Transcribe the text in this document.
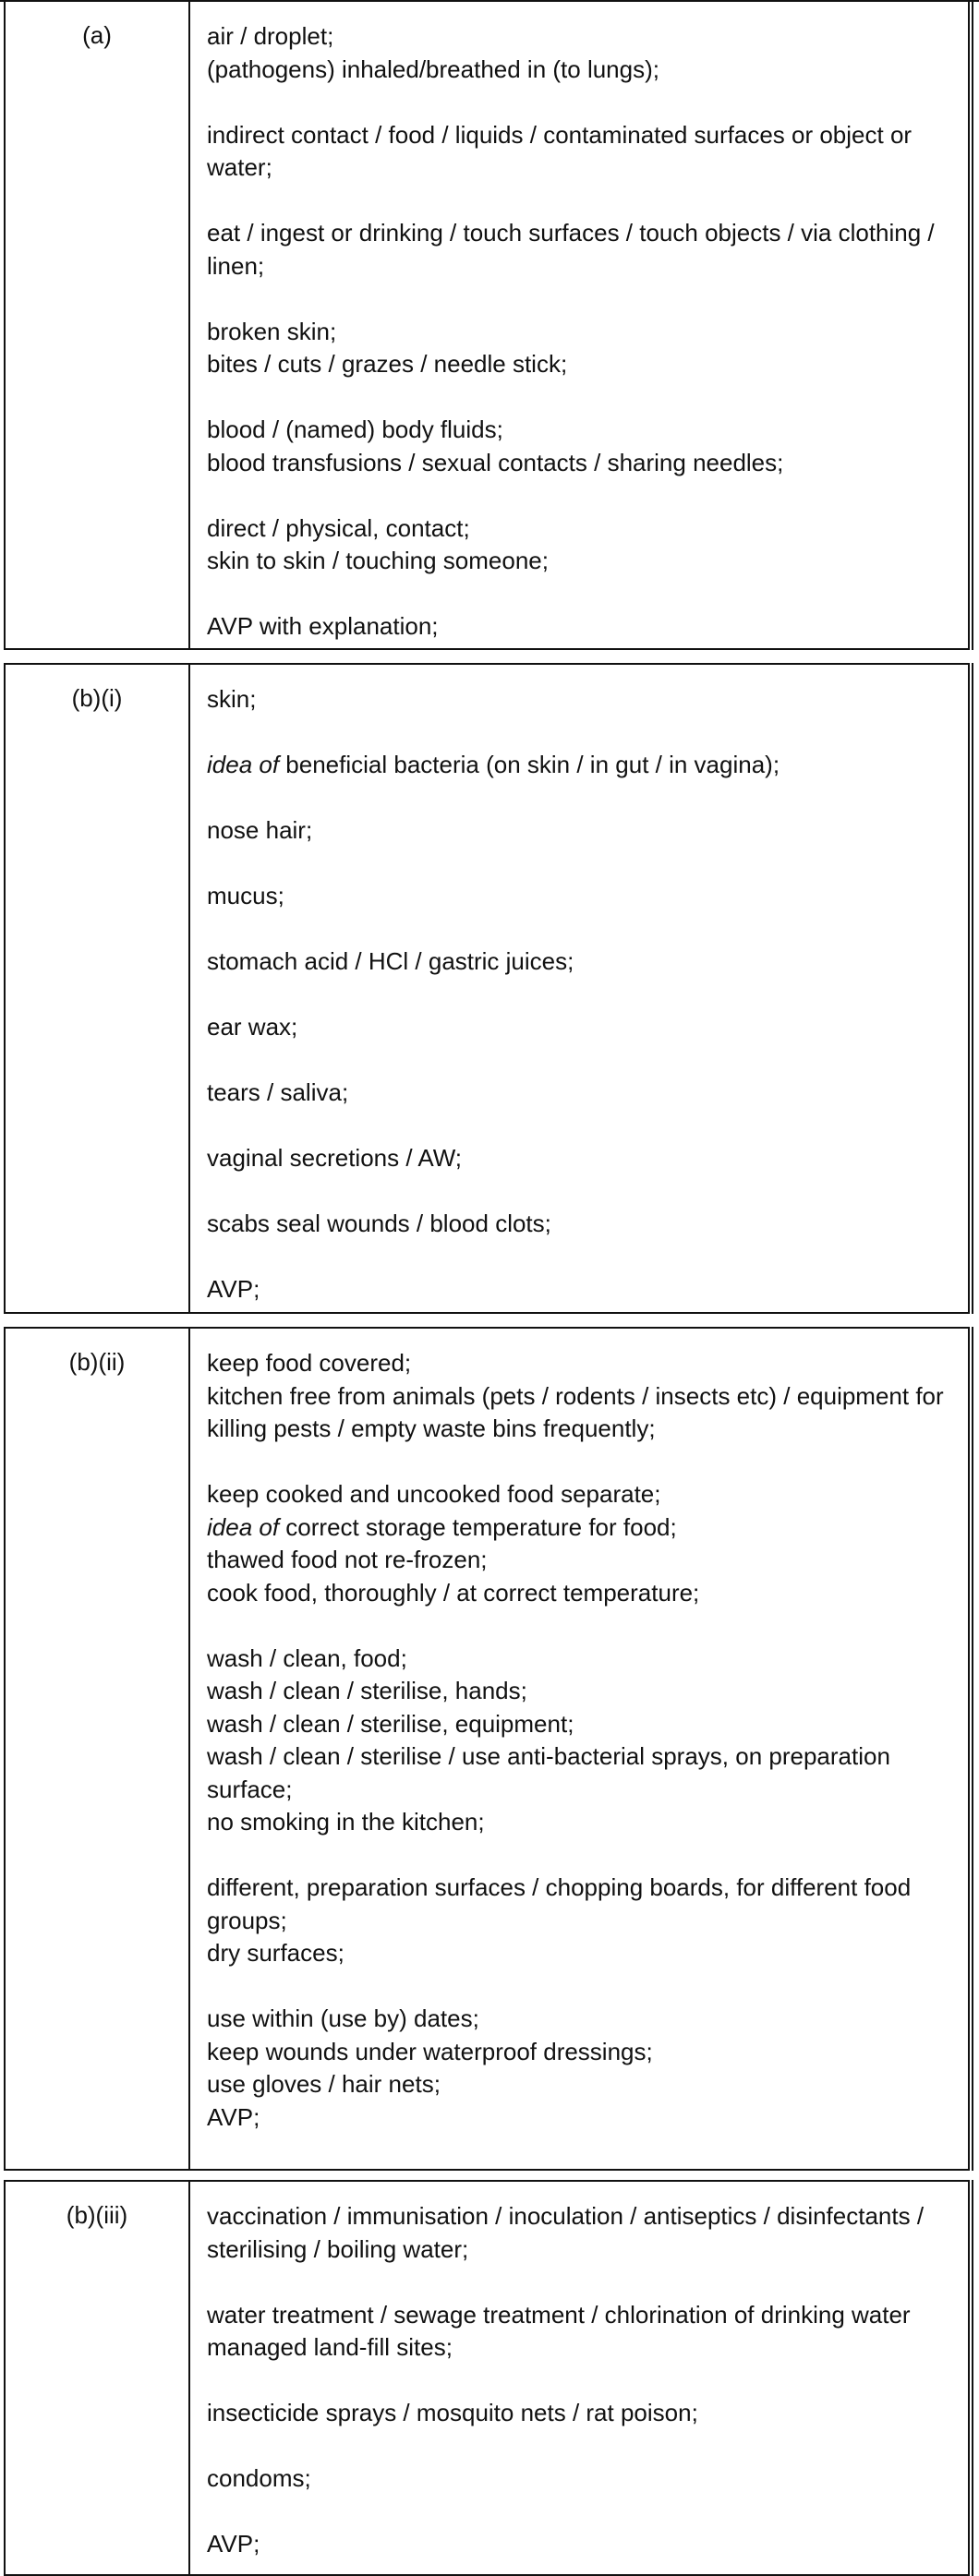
(a)	air / droplet;
(pathogens) inhaled/breathed in (to lungs);
indirect contact / food / liquids / contaminated surfaces or object or water;
eat / ingest or drinking / touch surfaces / touch objects / via clothing / linen;
broken skin;
bites / cuts / grazes / needle stick;
blood / (named) body fluids;
blood transfusions / sexual contacts / sharing needles;
direct / physical, contact;
skin to skin / touching someone;
AVP with explanation;
(b)(i)	skin;
idea of beneficial bacteria (on skin / in gut / in vagina);
nose hair;
mucus;
stomach acid / HCl / gastric juices;
ear wax;
tears / saliva;
vaginal secretions / AW;
scabs seal wounds / blood clots;
AVP;
(b)(ii)	keep food covered;
kitchen free from animals (pets / rodents / insects etc) / equipment for killing pests / empty waste bins frequently;
keep cooked and uncooked food separate;
idea of correct storage temperature for food;
thawed food not re-frozen;
cook food, thoroughly / at correct temperature;
wash / clean, food;
wash / clean / sterilise, hands;
wash / clean / sterilise, equipment;
wash / clean / sterilise / use anti-bacterial sprays, on preparation surface;
no smoking in the kitchen;
different, preparation surfaces / chopping boards, for different food groups;
dry surfaces;
use within (use by) dates;
keep wounds under waterproof dressings;
use gloves / hair nets;
AVP;
(b)(iii)	vaccination / immunisation / inoculation / antiseptics / disinfectants / sterilising / boiling water;
water treatment / sewage treatment / chlorination of drinking water managed land-fill sites;
insecticide sprays / mosquito nets / rat poison;
condoms;
AVP;
